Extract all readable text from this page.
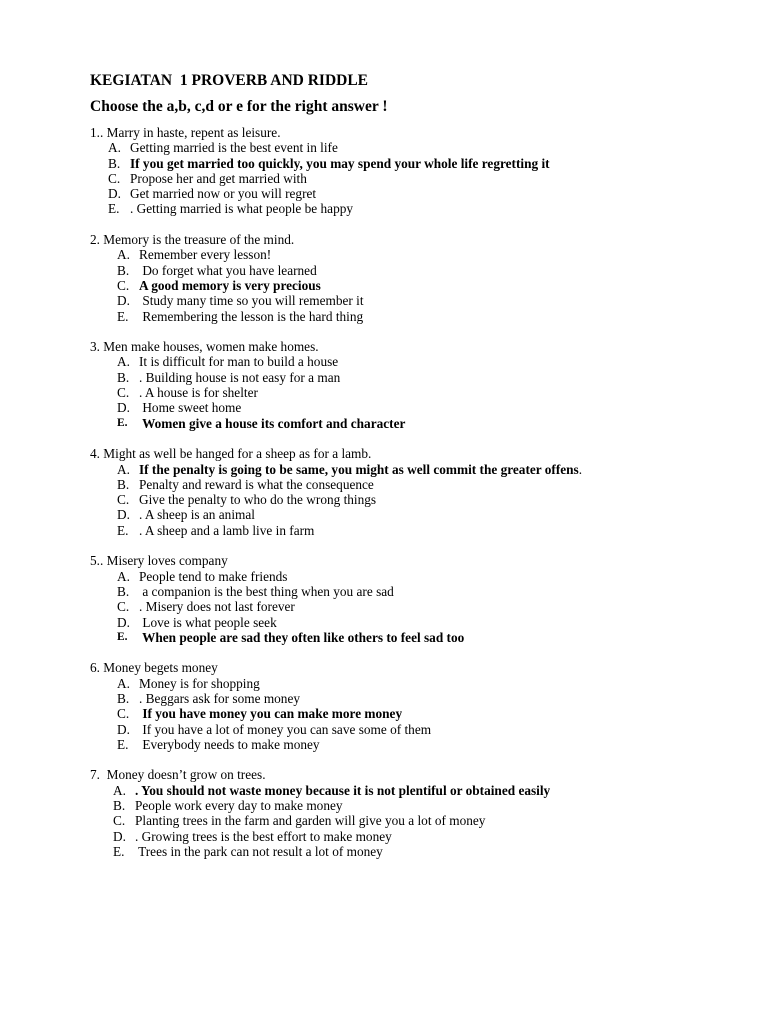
KEGIATAN  1 PROVERB AND RIDDLE
Choose the a,b, c,d or e for the right answer !
1.. Marry in haste, repent as leisure.
A. Getting married is the best event in life
B. If you get married too quickly, you may spend your whole life regretting it
C. Propose her and get married with
D. Get married now or you will regret
E. . Getting married is what people be happy
2. Memory is the treasure of the mind.
A. Remember every lesson!
B. Do forget what you have learned
C. A good memory is very precious
D. Study many time so you will remember it
E. Remembering the lesson is the hard thing
3. Men make houses, women make homes.
A. It is difficult for man to build a house
B. . Building house is not easy for a man
C. . A house is for shelter
D. Home sweet home
E. Women give a house its comfort and character
4. Might as well be hanged for a sheep as for a lamb.
A. If the penalty is going to be same, you might as well commit the greater offens .
B. Penalty and reward is what the consequence
C. Give the penalty to who do the wrong things
D. . A sheep is an animal
E. . A sheep and a lamb live in farm
5.. Misery loves company
A. People tend to make friends
B. a companion is the best thing when you are sad
C. . Misery does not last forever
D. Love is what people seek
E. When people are sad they often like others to feel sad too
6. Money begets money
A. Money is for shopping
B. . Beggars ask for some money
C. If you have money you can make more money
D. If you have a lot of money you can save some of them
E. Everybody needs to make money
7.  Money doesn’t grow on trees.
A. . You should not waste money because it is not plentiful or obtained easily
B. People work every day to make money
C. Planting trees in the farm and garden will give you a lot of money
D. . Growing trees is the best effort to make money
E. Trees in the park can not result a lot of money
